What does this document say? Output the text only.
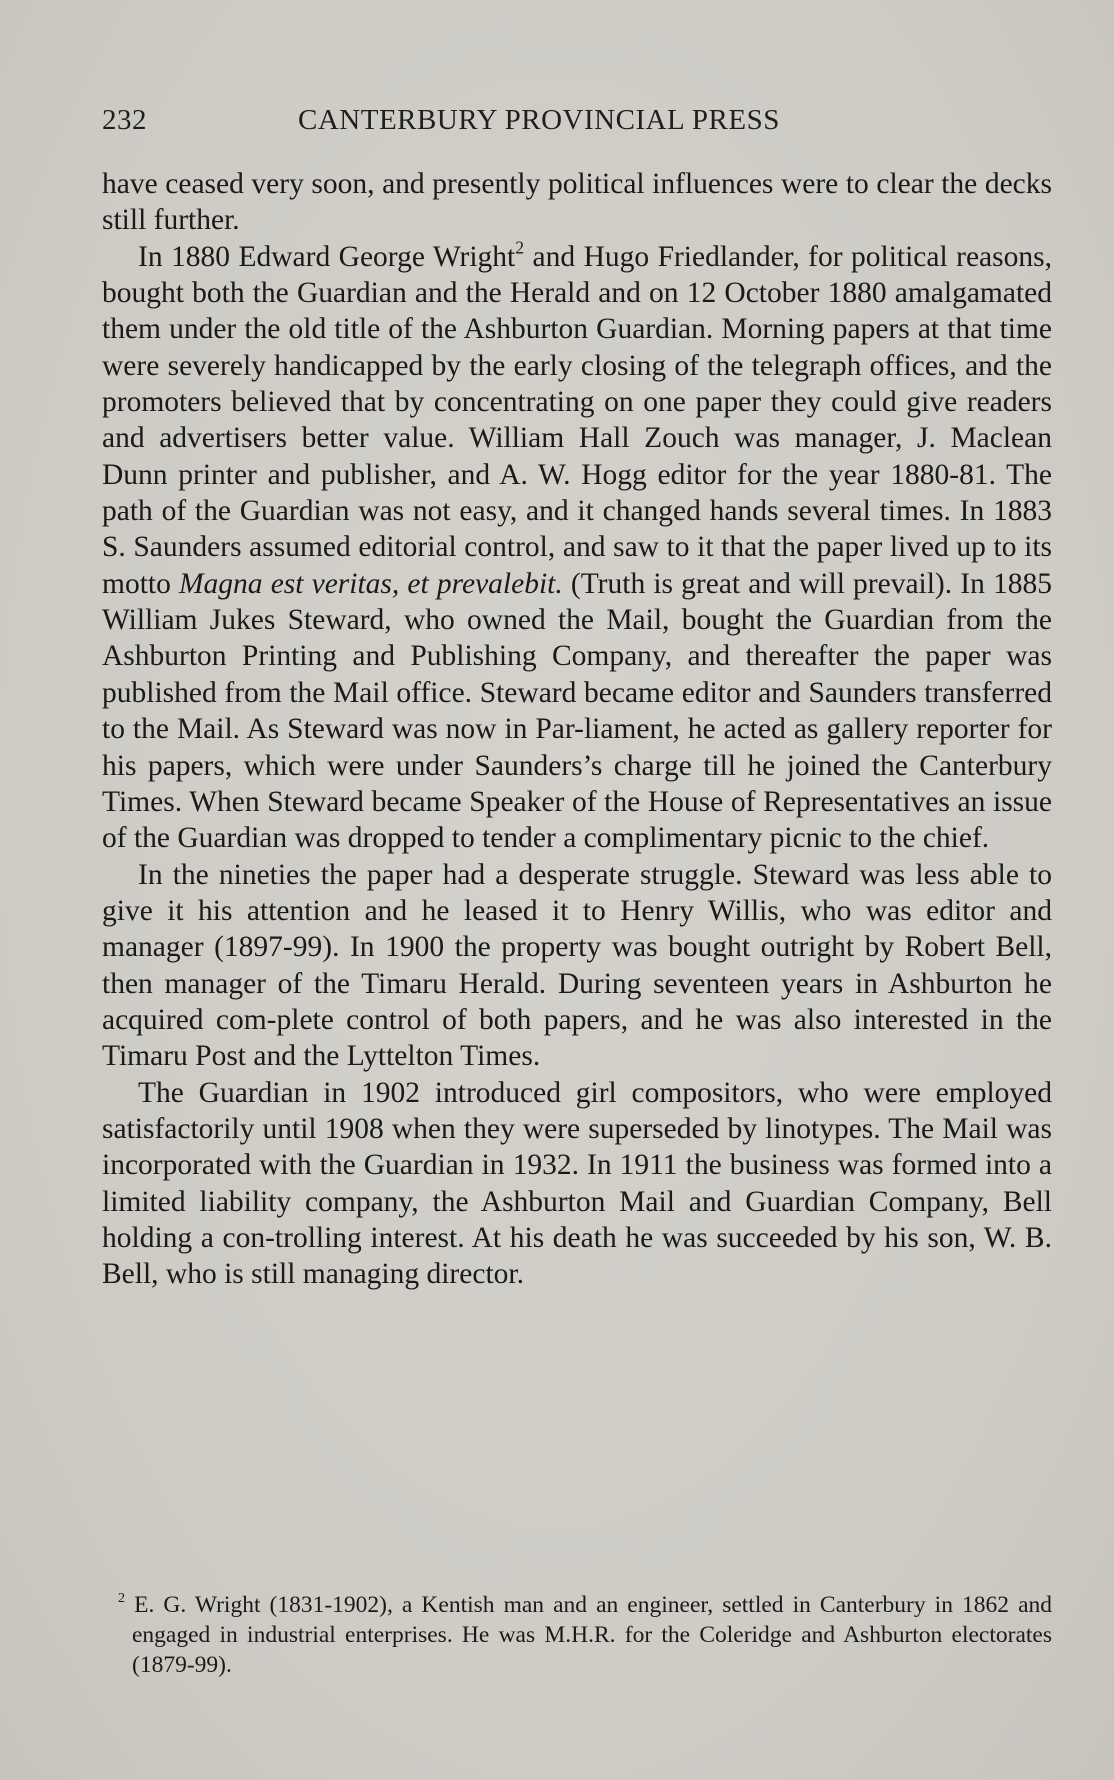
232	CANTERBURY PROVINCIAL PRESS

have ceased very soon, and presently political influences were to clear the decks still further.

In 1880 Edward George Wright$^2$ and Hugo Friedlander, for political reasons, bought both the Guardian and the Herald and on 12 October 1880 amalgamated them under the old title of the Ashburton Guardian. Morning papers at that time were severely handicapped by the early closing of the telegraph offices, and the promoters believed that by concentrating on one paper they could give readers and advertisers better value. William Hall Zouch was manager, J. Maclean Dunn printer and publisher, and A. W. Hogg editor for the year 1880-81. The path of the Guardian was not easy, and it changed hands several times. In 1883 S. Saunders assumed editorial control, and saw to it that the paper lived up to its motto Magna est veritas, et prevalebit. (Truth is great and will prevail). In 1885 William Jukes Steward, who owned the Mail, bought the Guardian from the Ashburton Printing and Publishing Company, and thereafter the paper was published from the Mail office. Steward became editor and Saunders transferred to the Mail. As Steward was now in Par-liament, he acted as gallery reporter for his papers, which were under Saunders’s charge till he joined the Canterbury Times. When Steward became Speaker of the House of Representatives an issue of the Guardian was dropped to tender a complimentary picnic to the chief.

In the nineties the paper had a desperate struggle. Steward was less able to give it his attention and he leased it to Henry Willis, who was editor and manager (1897-99). In 1900 the property was bought outright by Robert Bell, then manager of the Timaru Herald. During seventeen years in Ashburton he acquired com-plete control of both papers, and he was also interested in the Timaru Post and the Lyttelton Times.

The Guardian in 1902 introduced girl compositors, who were employed satisfactorily until 1908 when they were superseded by linotypes. The Mail was incorporated with the Guardian in 1932. In 1911 the business was formed into a limited liability company, the Ashburton Mail and Guardian Company, Bell holding a con-trolling interest. At his death he was succeeded by his son, W. B. Bell, who is still managing director.

$^2$ E. G. Wright (1831-1902), a Kentish man and an engineer, settled in Canterbury in 1862 and engaged in industrial enterprises. He was M.H.R. for the Coleridge and Ashburton electorates (1879-99).
